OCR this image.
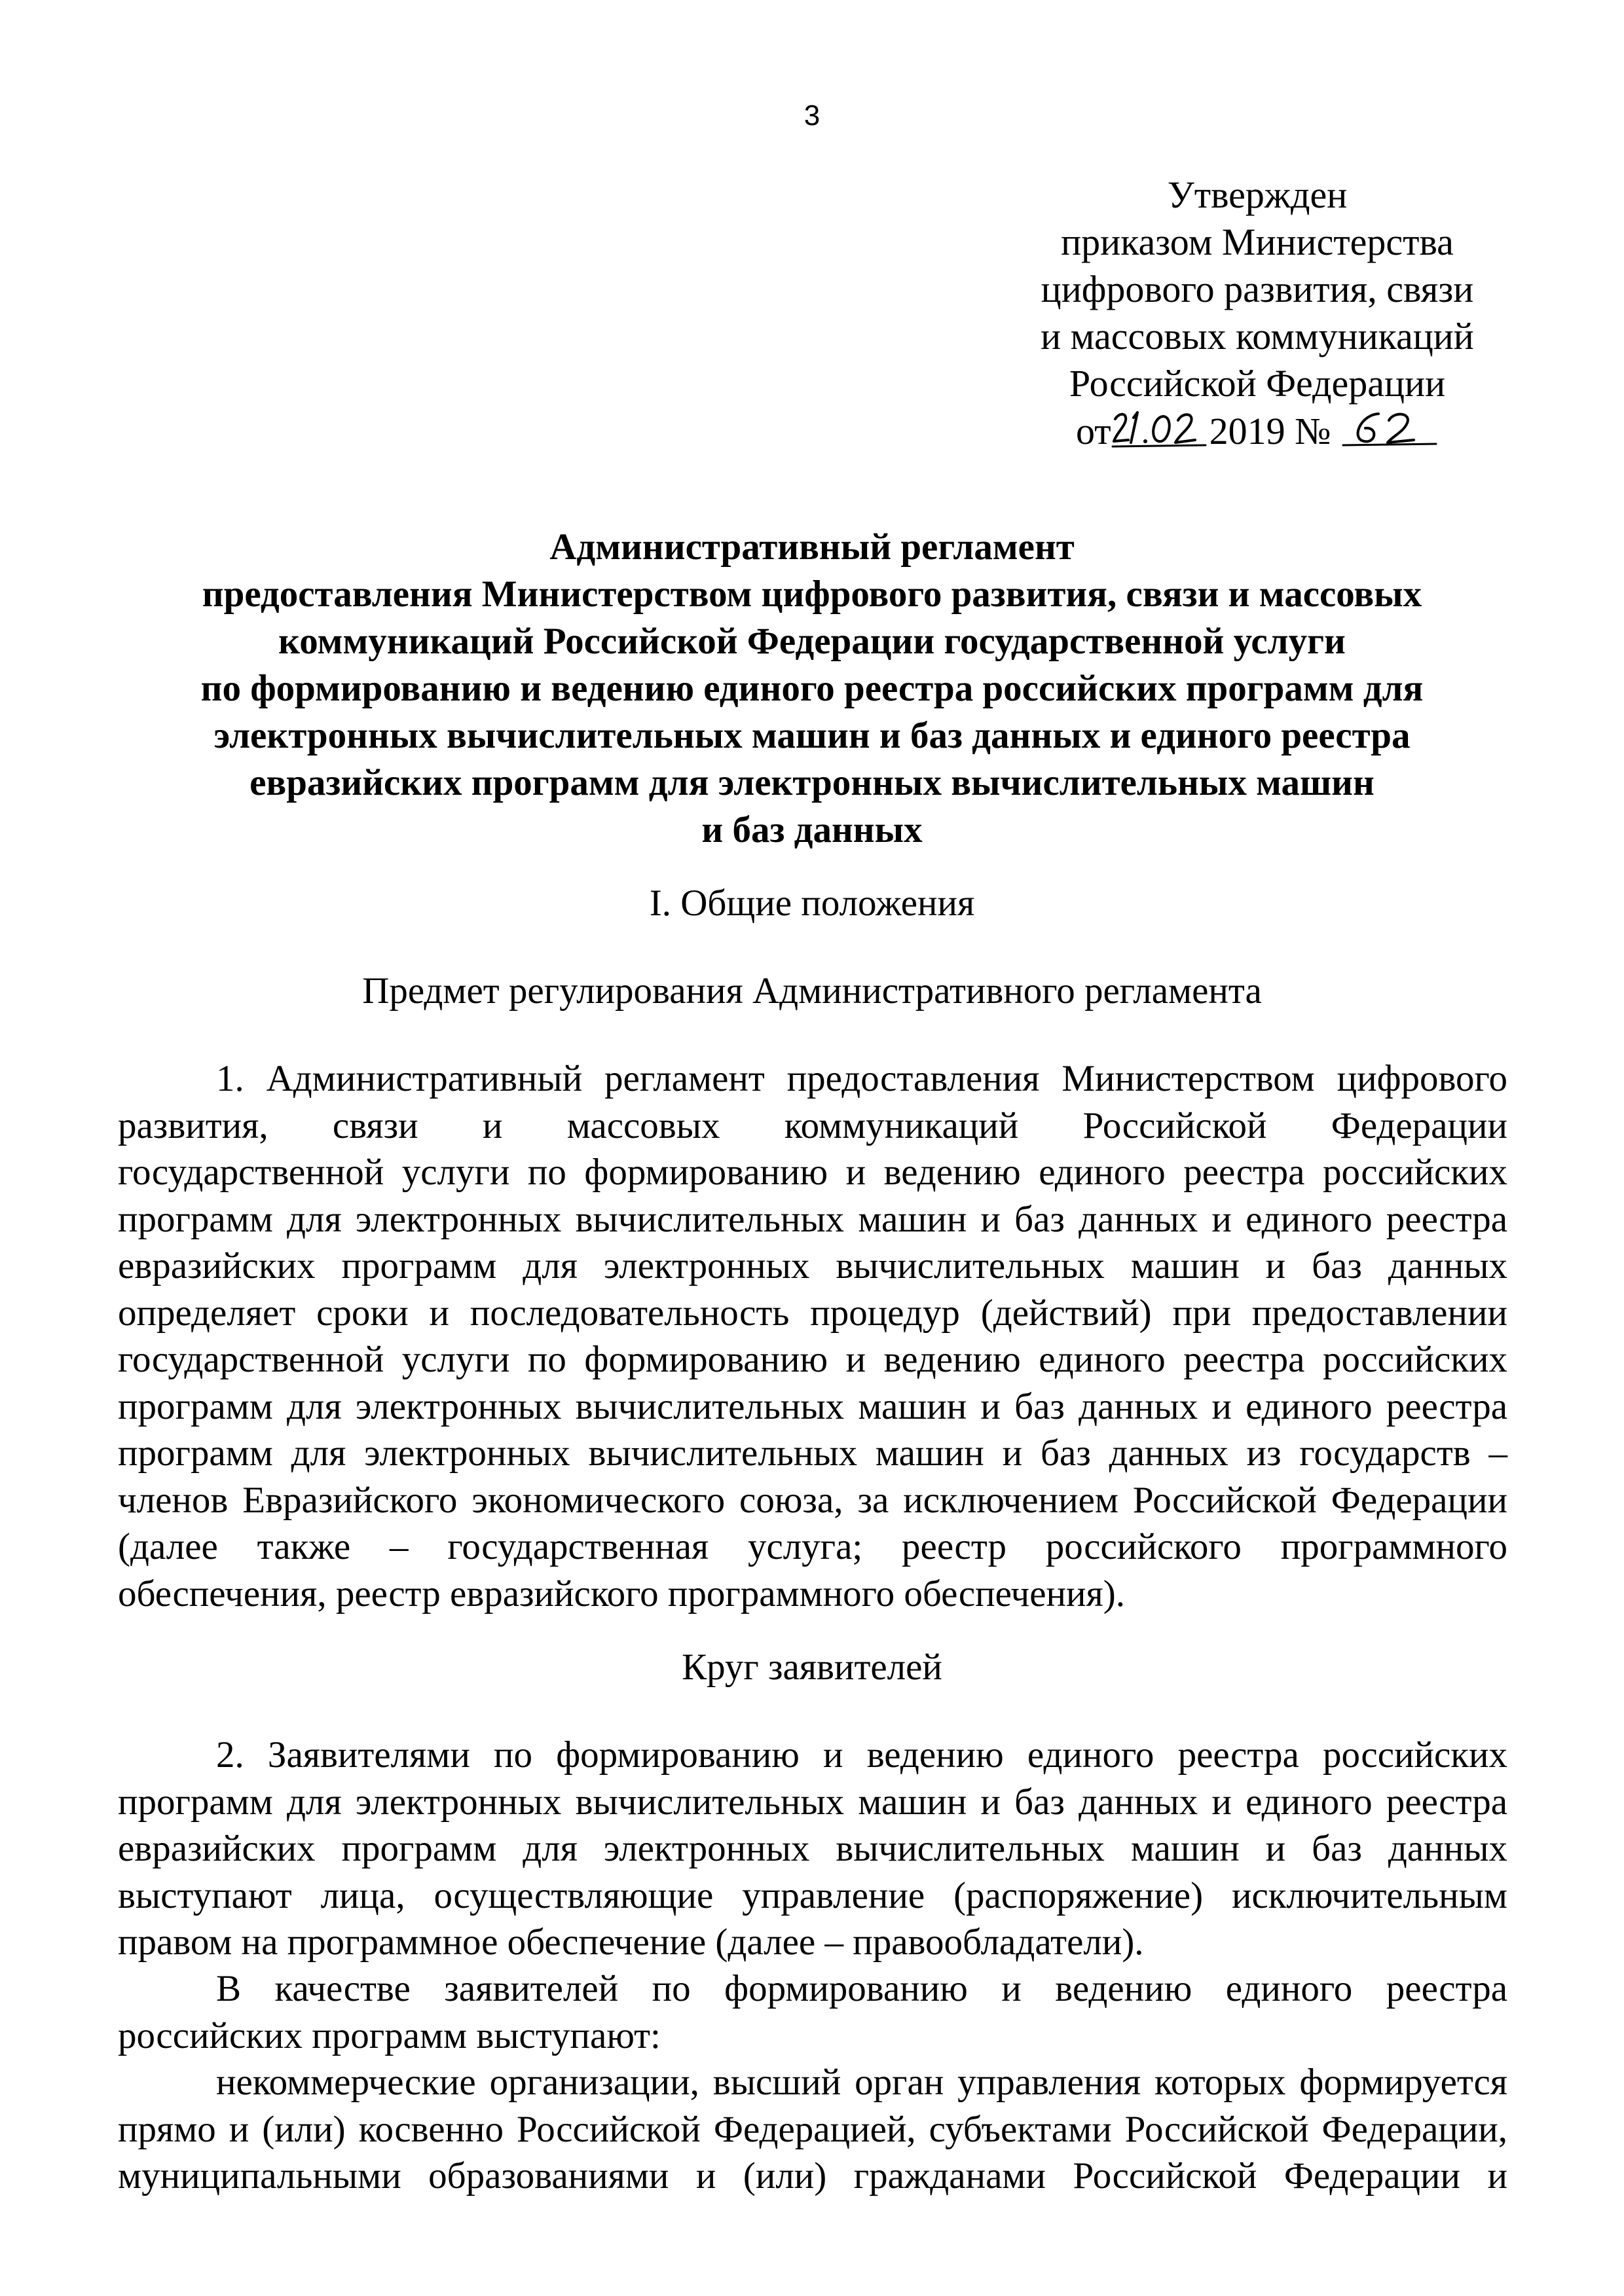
3
Утвержден
приказом Министерства
цифрового развития, связи
и массовых коммуникаций
Российской Федерации
от	2019 №
Административный регламент
предоставления Министерством цифрового развития, связи и массовых
коммуникаций Российской Федерации государственной услуги
по формированию и ведению единого реестра российских программ для
электронных вычислительных машин и баз данных и единого реестра
евразийских программ для электронных вычислительных машин
и баз данных
I. Общие положения
Предмет регулирования Административного регламента
1. Административный регламент предоставления Министерством цифрового
развития, связи и массовых коммуникаций Российской Федерации
государственной услуги по формированию и ведению единого реестра российских
программ для электронных вычислительных машин и баз данных и единого реестра
евразийских программ для электронных вычислительных машин и баз данных
определяет сроки и последовательность процедур (действий) при предоставлении
государственной услуги по формированию и ведению единого реестра российских
программ для электронных вычислительных машин и баз данных и единого реестра
программ для электронных вычислительных машин и баз данных из государств –
членов Евразийского экономического союза, за исключением Российской Федерации
(далее также – государственная услуга; реестр российского программного
обеспечения, реестр евразийского программного обеспечения).
Круг заявителей
2. Заявителями по формированию и ведению единого реестра российских
программ для электронных вычислительных машин и баз данных и единого реестра
евразийских программ для электронных вычислительных машин и баз данных
выступают лица, осуществляющие управление (распоряжение) исключительным
правом на программное обеспечение (далее – правообладатели).
В качестве заявителей по формированию и ведению единого реестра
российских программ выступают:
некоммерческие организации, высший орган управления которых формируется
прямо и (или) косвенно Российской Федерацией, субъектами Российской Федерации,
муниципальными образованиями и (или) гражданами Российской Федерации и
